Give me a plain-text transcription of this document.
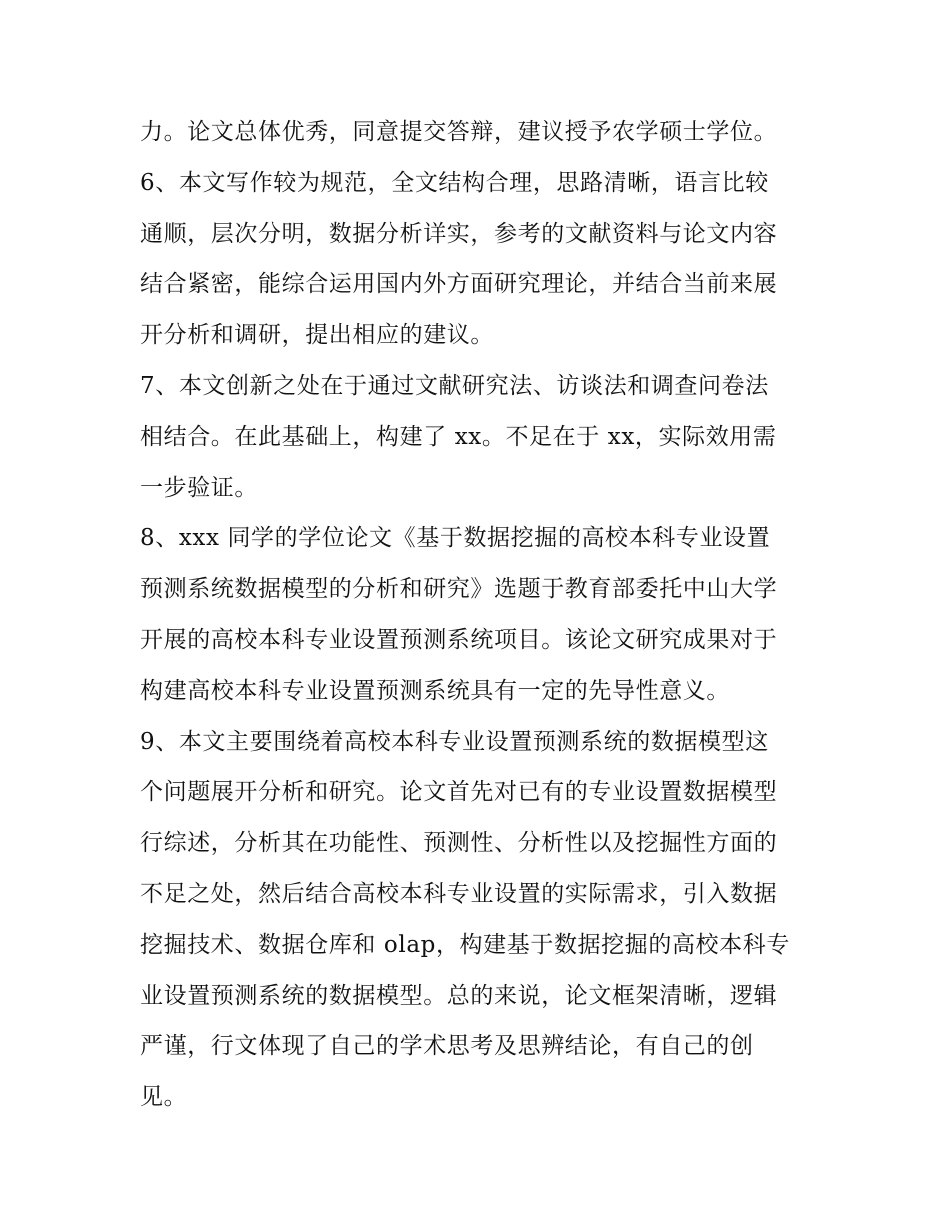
力。论文总体优秀，同意提交答辩，建议授予农学硕士学位。
6、本文写作较为规范，全文结构合理，思路清晰，语言比较
通顺，层次分明，数据分析详实，参考的文献资料与论文内容
结合紧密，能综合运用国内外方面研究理论，并结合当前来展
开分析和调研，提出相应的建议。
7、本文创新之处在于通过文献研究法、访谈法和调查问卷法
相结合。在此基础上，构建了 xx。不足在于 xx，实际效用需
一步验证。
8、xxx 同学的学位论文《基于数据挖掘的高校本科专业设置
预测系统数据模型的分析和研究》选题于教育部委托中山大学
开展的高校本科专业设置预测系统项目。该论文研究成果对于
构建高校本科专业设置预测系统具有一定的先导性意义。
9、本文主要围绕着高校本科专业设置预测系统的数据模型这
个问题展开分析和研究。论文首先对已有的专业设置数据模型
行综述，分析其在功能性、预测性、分析性以及挖掘性方面的
不足之处，然后结合高校本科专业设置的实际需求，引入数据
挖掘技术、数据仓库和 olap，构建基于数据挖掘的高校本科专
业设置预测系统的数据模型。总的来说，论文框架清晰，逻辑
严谨，行文体现了自己的学术思考及思辨结论，有自己的创
见。
